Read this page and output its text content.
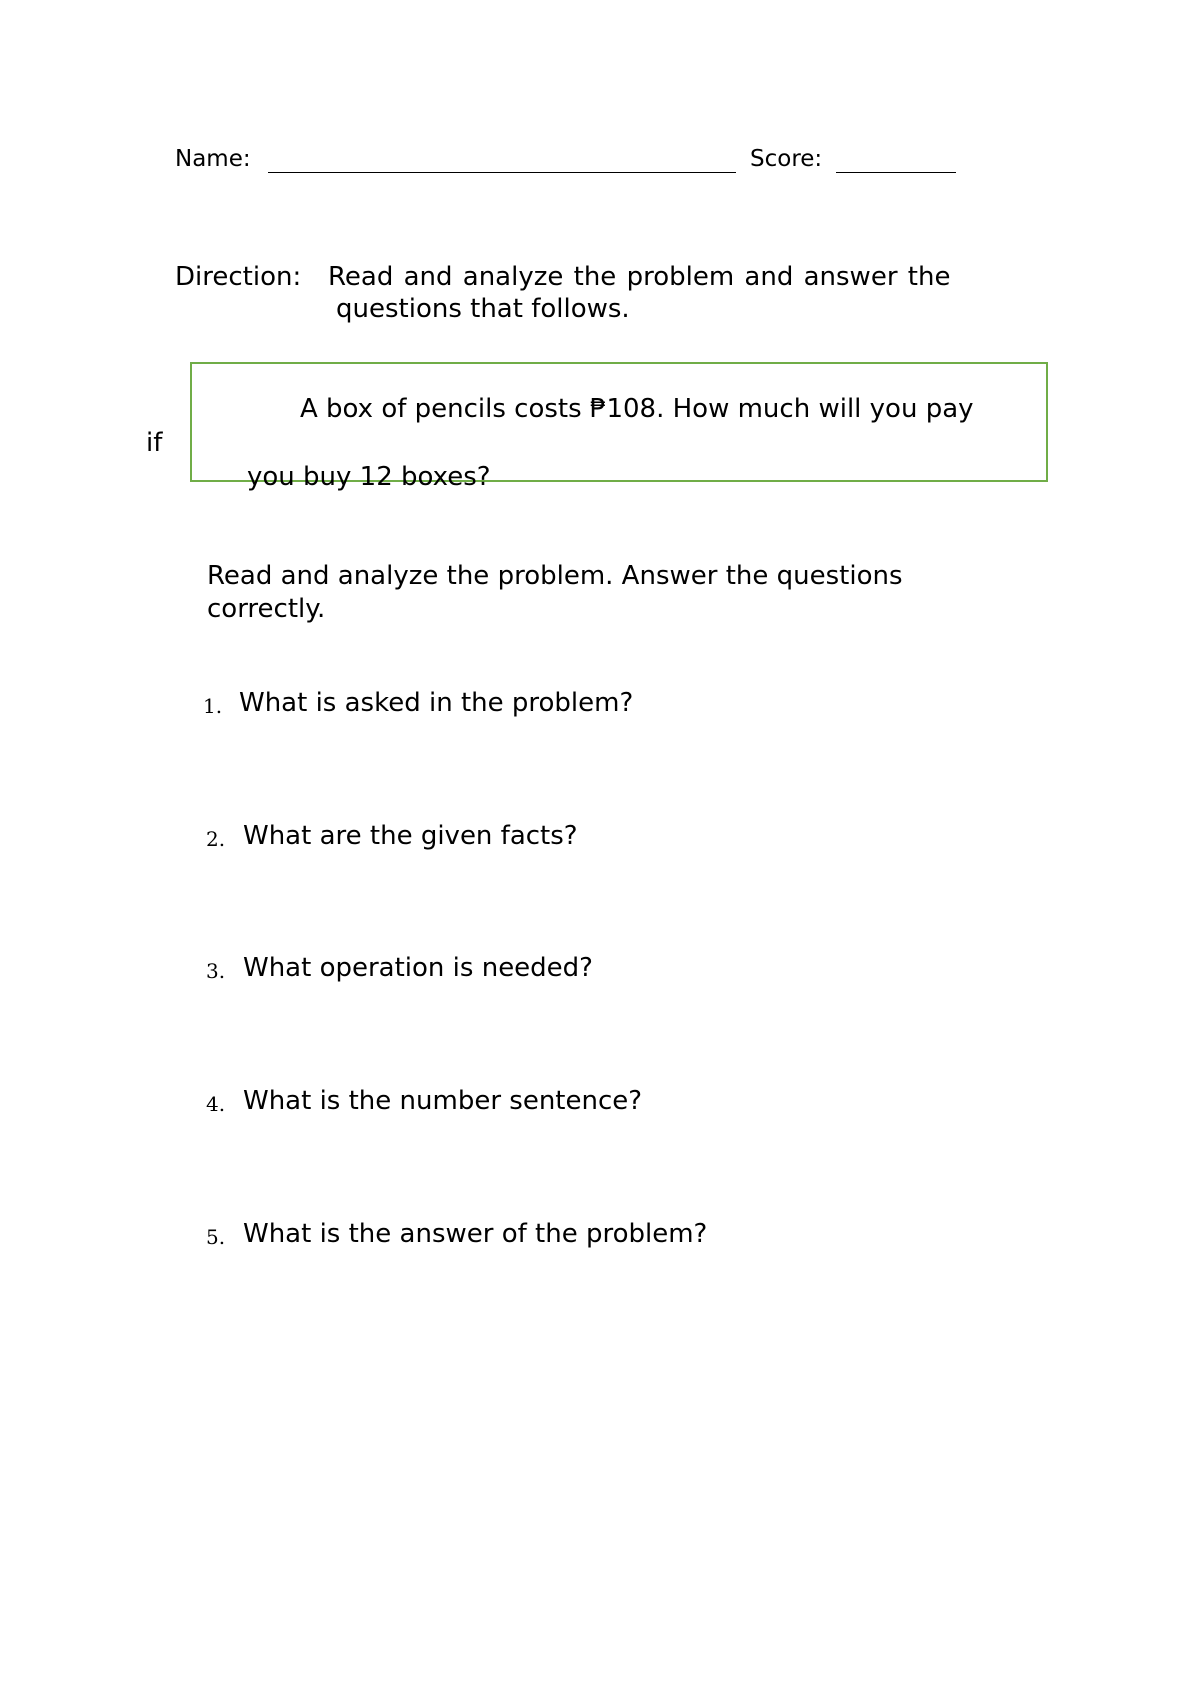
Name:	Score:
Direction: Read and analyze the problem and answer the
questions that follows.
A box of pencils costs ₱108. How much will you pay
if
you buy 12 boxes?
Read and analyze the problem. Answer the questions
correctly.
1. What is asked in the problem?
2. What are the given facts?
3. What operation is needed?
4. What is the number sentence?
5. What is the answer of the problem?
